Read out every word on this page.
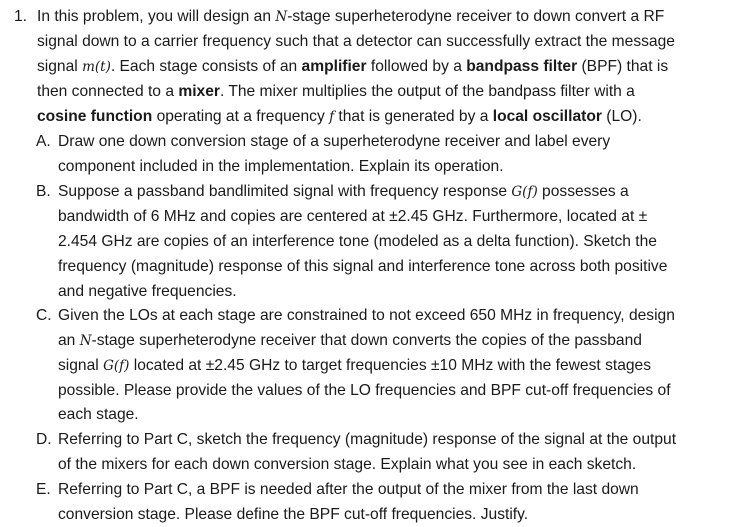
1. In this problem, you will design an N-stage superheterodyne receiver to down convert a RF
signal down to a carrier frequency such that a detector can successfully extract the message
signal m(t). Each stage consists of an amplifier followed by a bandpass filter (BPF) that is
then connected to a mixer. The mixer multiplies the output of the bandpass filter with a
cosine function operating at a frequency f that is generated by a local oscillator (LO).
A. Draw one down conversion stage of a superheterodyne receiver and label every
component included in the implementation. Explain its operation.
B. Suppose a passband bandlimited signal with frequency response G(f) possesses a
bandwidth of 6 MHz and copies are centered at ±2.45 GHz. Furthermore, located at ±
2.454 GHz are copies of an interference tone (modeled as a delta function). Sketch the
frequency (magnitude) response of this signal and interference tone across both positive
and negative frequencies.
C. Given the LOs at each stage are constrained to not exceed 650 MHz in frequency, design
an N-stage superheterodyne receiver that down converts the copies of the passband
signal G(f) located at ±2.45 GHz to target frequencies ±10 MHz with the fewest stages
possible. Please provide the values of the LO frequencies and BPF cut-off frequencies of
each stage.
D. Referring to Part C, sketch the frequency (magnitude) response of the signal at the output
of the mixers for each down conversion stage. Explain what you see in each sketch.
E. Referring to Part C, a BPF is needed after the output of the mixer from the last down
conversion stage. Please define the BPF cut-off frequencies. Justify.
